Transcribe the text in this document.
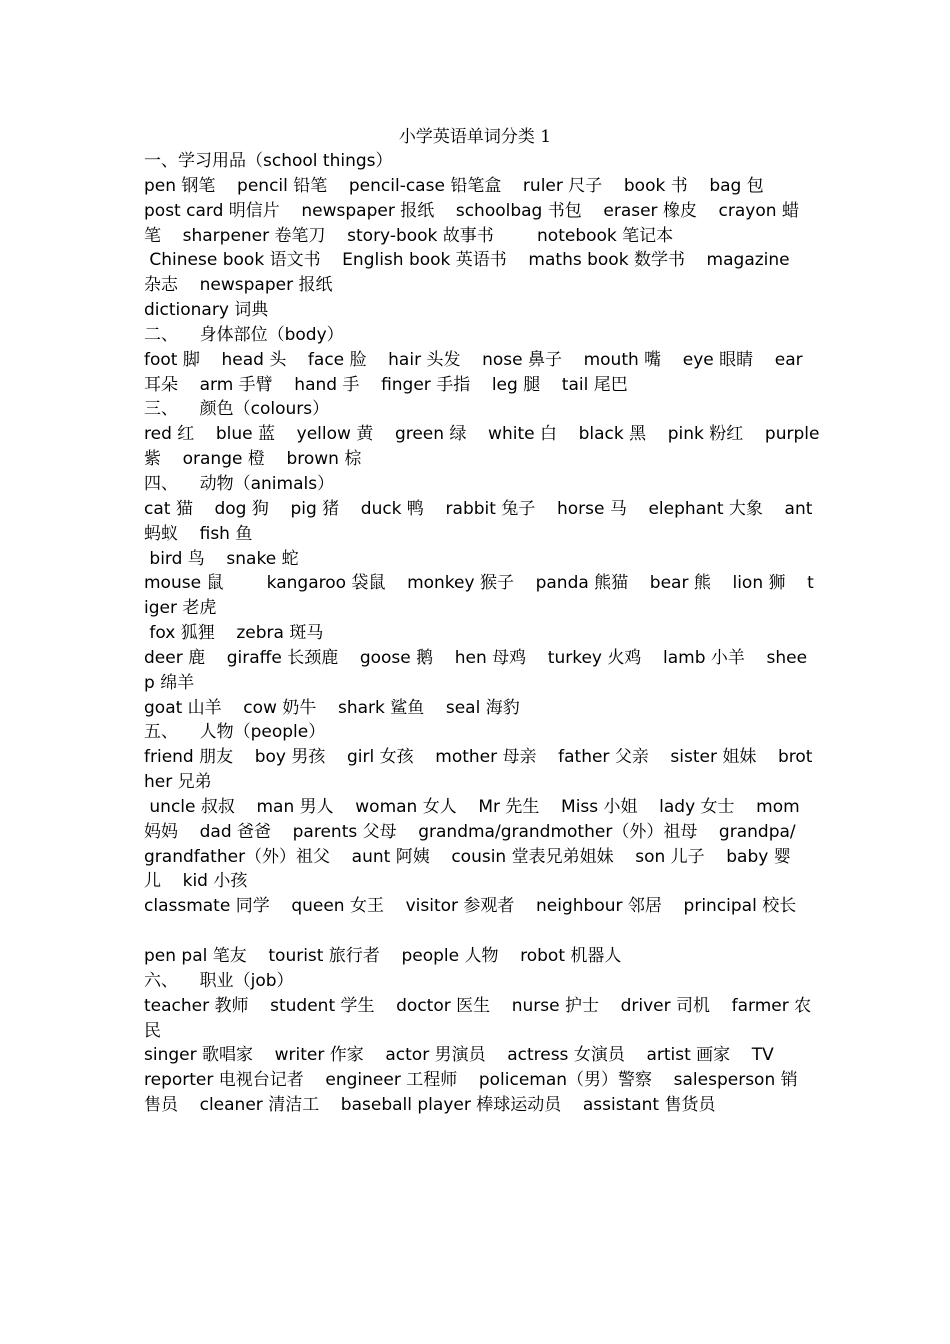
小学英语单词分类 1
一、学习用品（school things）
pen 钢笔    pencil 铅笔    pencil-case 铅笔盒    ruler 尺子    book 书    bag 包
post card 明信片    newspaper 报纸    schoolbag 书包    eraser 橡皮    crayon 蜡
笔    sharpener 卷笔刀    story-book 故事书        notebook 笔记本
Chinese book 语文书    English book 英语书    maths book 数学书    magazine
杂志    newspaper 报纸
dictionary 词典
二、    身体部位（body）
foot 脚    head 头    face 脸    hair 头发    nose 鼻子    mouth 嘴    eye 眼睛    ear
耳朵    arm 手臂    hand 手    finger 手指    leg 腿    tail 尾巴
三、    颜色（colours）
red 红    blue 蓝    yellow 黄    green 绿    white 白    black 黑    pink 粉红    purple
紫    orange 橙    brown 棕
四、    动物（animals）
cat 猫    dog 狗    pig 猪    duck 鸭    rabbit 兔子    horse 马    elephant 大象    ant
蚂蚁    fish 鱼
bird 鸟    snake 蛇
mouse 鼠        kangaroo 袋鼠    monkey 猴子    panda 熊猫    bear 熊    lion 狮    t
iger 老虎
fox 狐狸    zebra 斑马
deer 鹿    giraffe 长颈鹿    goose 鹅    hen 母鸡    turkey 火鸡    lamb 小羊    shee
p 绵羊
goat 山羊    cow 奶牛    shark 鲨鱼    seal 海豹
五、    人物（people）
friend 朋友    boy 男孩    girl 女孩    mother 母亲    father 父亲    sister 姐妹    brot
her 兄弟
uncle 叔叔    man 男人    woman 女人    Mr 先生    Miss 小姐    lady 女士    mom
妈妈    dad 爸爸    parents 父母    grandma/grandmother（外）祖母    grandpa/
grandfather（外）祖父    aunt 阿姨    cousin 堂表兄弟姐妹    son 儿子    baby 婴
儿    kid 小孩
classmate 同学    queen 女王    visitor 参观者    neighbour 邻居    principal 校长
pen pal 笔友    tourist 旅行者    people 人物    robot 机器人
六、    职业（job）
teacher 教师    student 学生    doctor 医生    nurse 护士    driver 司机    farmer 农
民
singer 歌唱家    writer 作家    actor 男演员    actress 女演员    artist 画家    TV
reporter 电视台记者    engineer 工程师    policeman（男）警察    salesperson 销
售员    cleaner 清洁工    baseball player 棒球运动员    assistant 售货员
